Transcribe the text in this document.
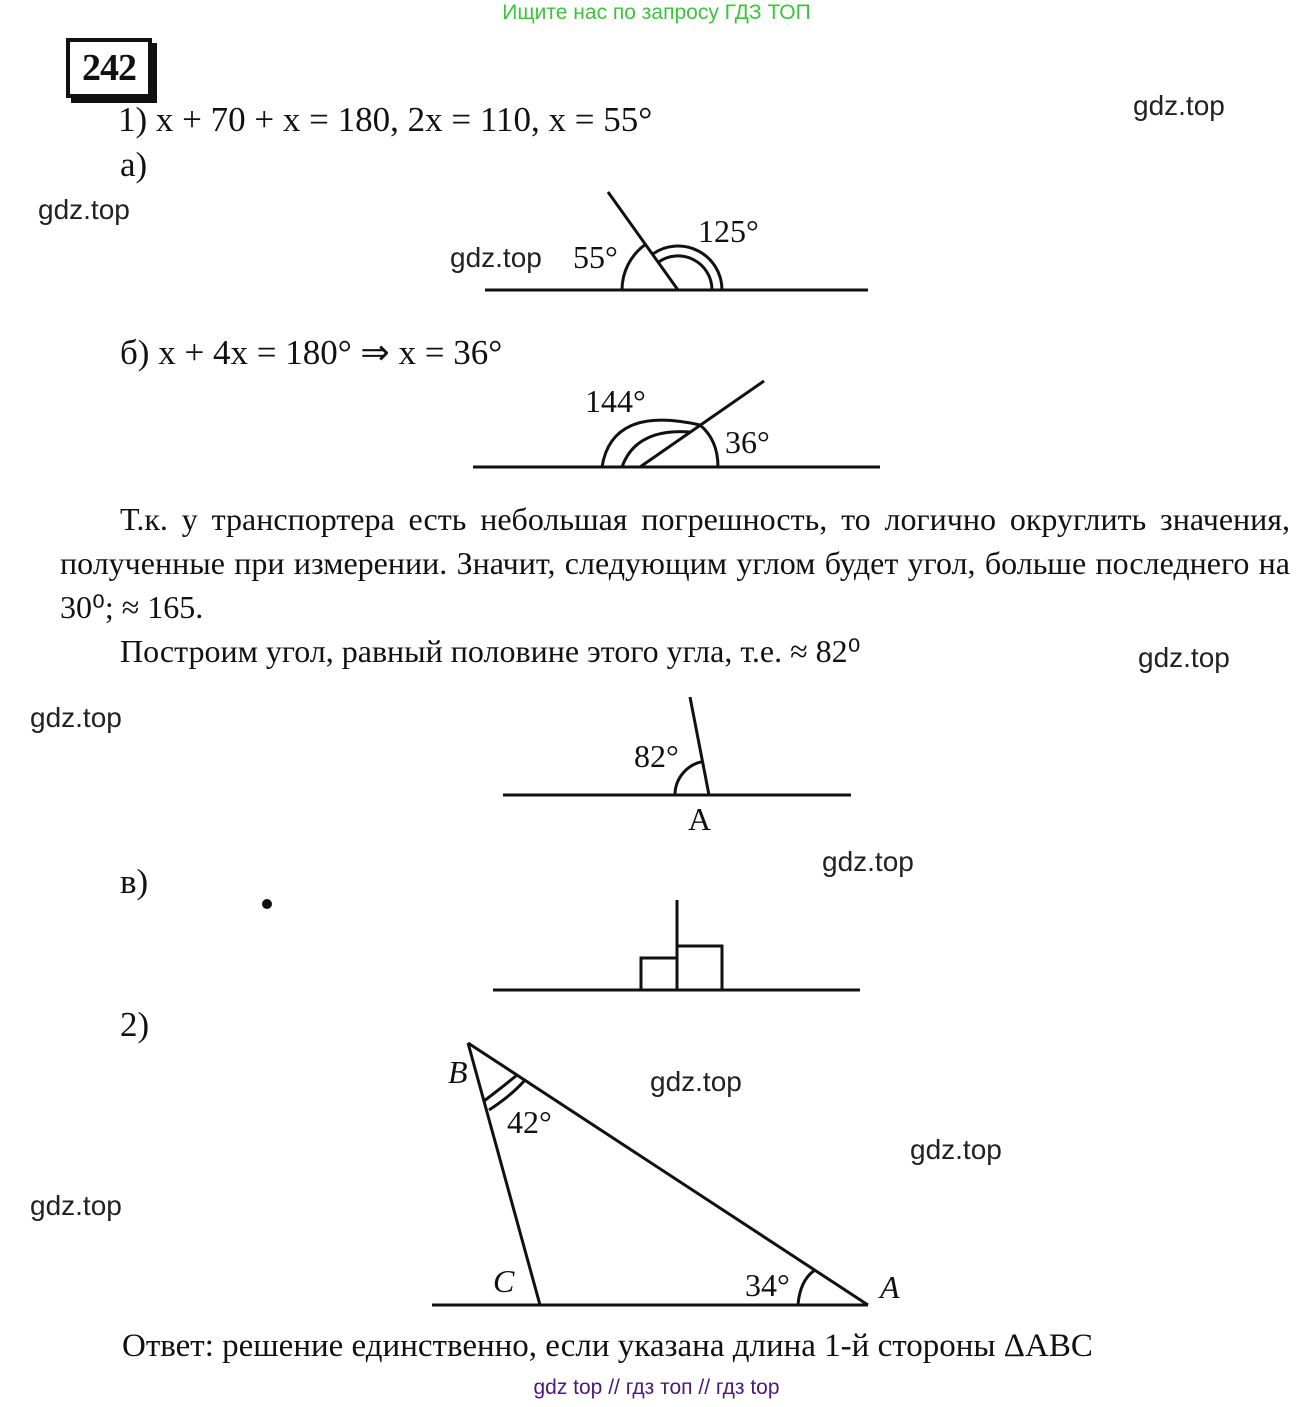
Ищите нас по запросу ГДЗ ТОП
242
1) x + 70 + x = 180, 2x = 110, x = 55°
а)
б) x + 4x = 180° ⇒ x = 36°

Т.к. у транспортера есть небольшая погрешность, то логично округлить значения, полученные при измерении. Значит, следующим углом будет угол, больше последнего на 30⁰; ≈ 165.

Построим угол, равный половине этого угла, т.е. ≈ 82⁰

в)
2)
Ответ: решение единственно, если указана длина 1-й стороны ΔABC
55°
125°
144°
36°
82°
A
B
42°
C	34°	A
gdz.top
gdz.top
gdz.top
gdz.top
gdz.top
gdz.top
gdz.top
gdz.top
gdz.top
gdz top // гдз топ // гдз top
